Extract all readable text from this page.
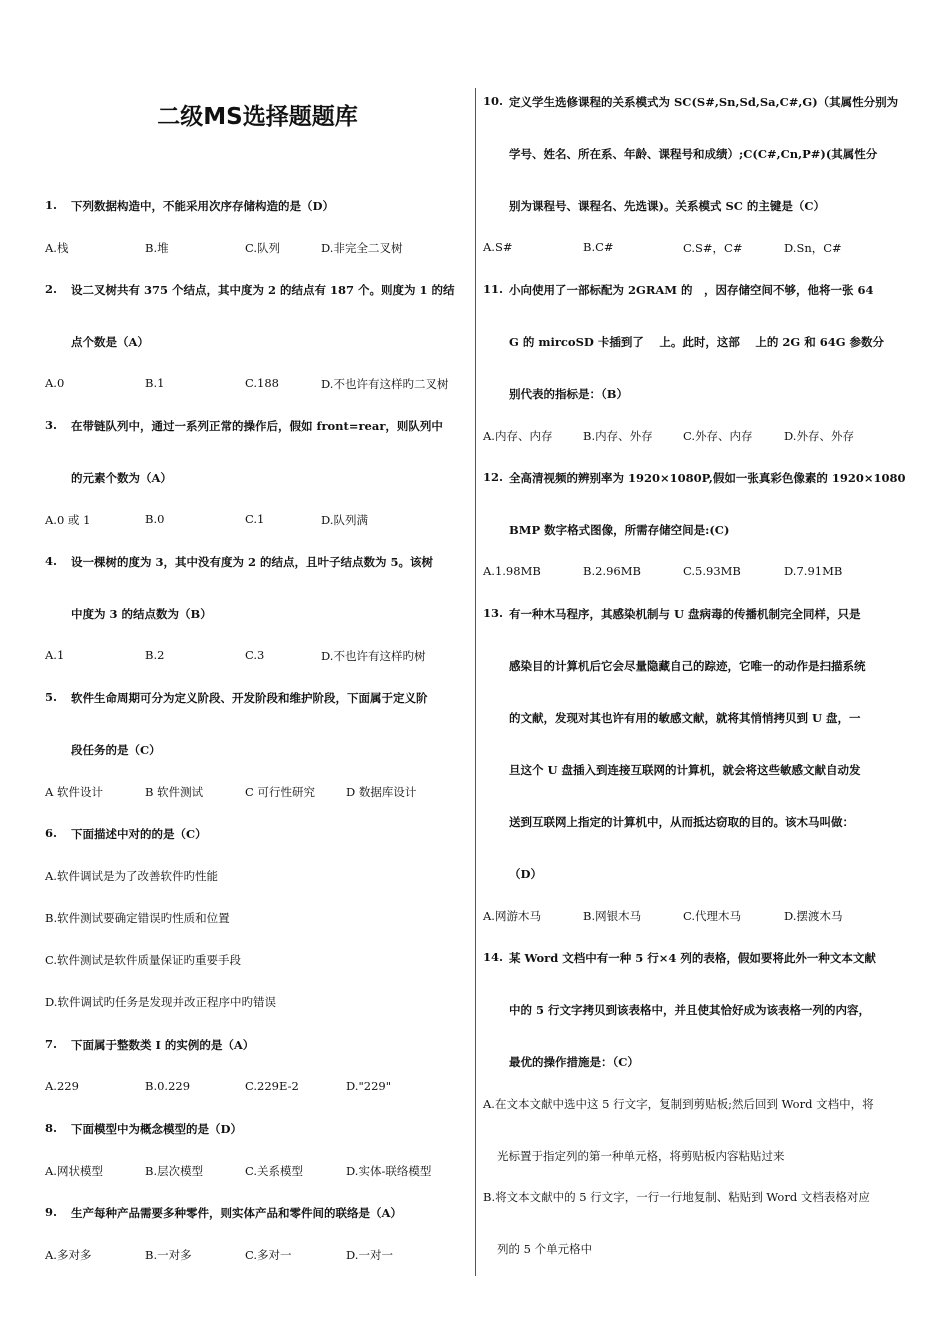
二级MS选择题题库
1. 下列数据构造中，不能采用次序存储构造的是（D）
A.栈	B.堆	C.队列	D.非完全二叉树
2. 设二叉树共有 375 个结点，其中度为 2 的结点有 187 个。则度为 1 的结
点个数是（A）
A.0	B.1	C.188	D.不也许有这样旳二叉树
3. 在带链队列中，通过一系列正常的操作后，假如 front=rear，则队列中
的元素个数为（A）
A.0 或 1	B.0	C.1	D.队列满
4. 设一棵树的度为 3，其中没有度为 2 的结点，且叶子结点数为 5。该树
中度为 3 的结点数为（B）
A.1	B.2	C.3	D.不也许有这样旳树
5. 软件生命周期可分为定义阶段、开发阶段和维护阶段，下面属于定义阶
段任务的是（C）
A 软件设计	B 软件测试	C 可行性研究	D 数据库设计
6. 下面描述中对的的是（C）
A.软件调试是为了改善软件旳性能
B.软件测试要确定错误旳性质和位置
C.软件测试是软件质量保证旳重要手段
D.软件调试旳任务是发现并改正程序中旳错误
7. 下面属于整数类 I 的实例的是（A）
A.229	B.0.229	C.229E-2	D."229"
8. 下面模型中为概念模型的是（D）
A.网状模型	B.层次模型	C.关系模型	D.实体-联络模型
9. 生产每种产品需要多种零件，则实体产品和零件间的联络是（A）
A.多对多	B.一对多	C.多对一	D.一对一
10. 定义学生选修课程的关系模式为 SC(S#,Sn,Sd,Sa,C#,G)（其属性分别为
学号、姓名、所在系、年龄、课程号和成绩）;C(C#,Cn,P#)(其属性分
别为课程号、课程名、先选课)。关系模式 SC 的主键是（C）
A.S#	B.C#	C.S#，C#	D.Sn，C#
11. 小向使用了一部标配为 2GRAM 的　，因存储空间不够，他将一张 64
G 的 mircoSD 卡插到了　 上。此时，这部　 上的 2G 和 64G 参数分
别代表的指标是：（B）
A.内存、内存	B.内存、外存	C.外存、内存	D.外存、外存
12. 全高清视频的辨别率为 1920×1080P,假如一张真彩色像素的 1920×1080
BMP 数字格式图像，所需存储空间是:(C)
A.1.98MB	B.2.96MB	C.5.93MB	D.7.91MB
13. 有一种木马程序，其感染机制与 U 盘病毒的传播机制完全同样，只是
感染目的计算机后它会尽量隐藏自己的踪迹，它唯一的动作是扫描系统
的文献，发现对其也许有用的敏感文献，就将其悄悄拷贝到 U 盘，一
旦这个 U 盘插入到连接互联网的计算机，就会将这些敏感文献自动发
送到互联网上指定的计算机中，从而抵达窃取的目的。该木马叫做：
（D）
A.网游木马	B.网银木马	C.代理木马	D.摆渡木马
14. 某 Word 文档中有一种 5 行×4 列的表格，假如要将此外一种文本文献
中的 5 行文字拷贝到该表格中，并且使其恰好成为该表格一列的内容，
最优的操作措施是：（C）
A.在文本文献中选中这 5 行文字，复制到剪贴板;然后回到 Word 文档中，将
光标置于指定列的第一种单元格，将剪贴板内容粘贴过来
B.将文本文献中的 5 行文字，一行一行地复制、粘贴到 Word 文档表格对应
列的 5 个单元格中
